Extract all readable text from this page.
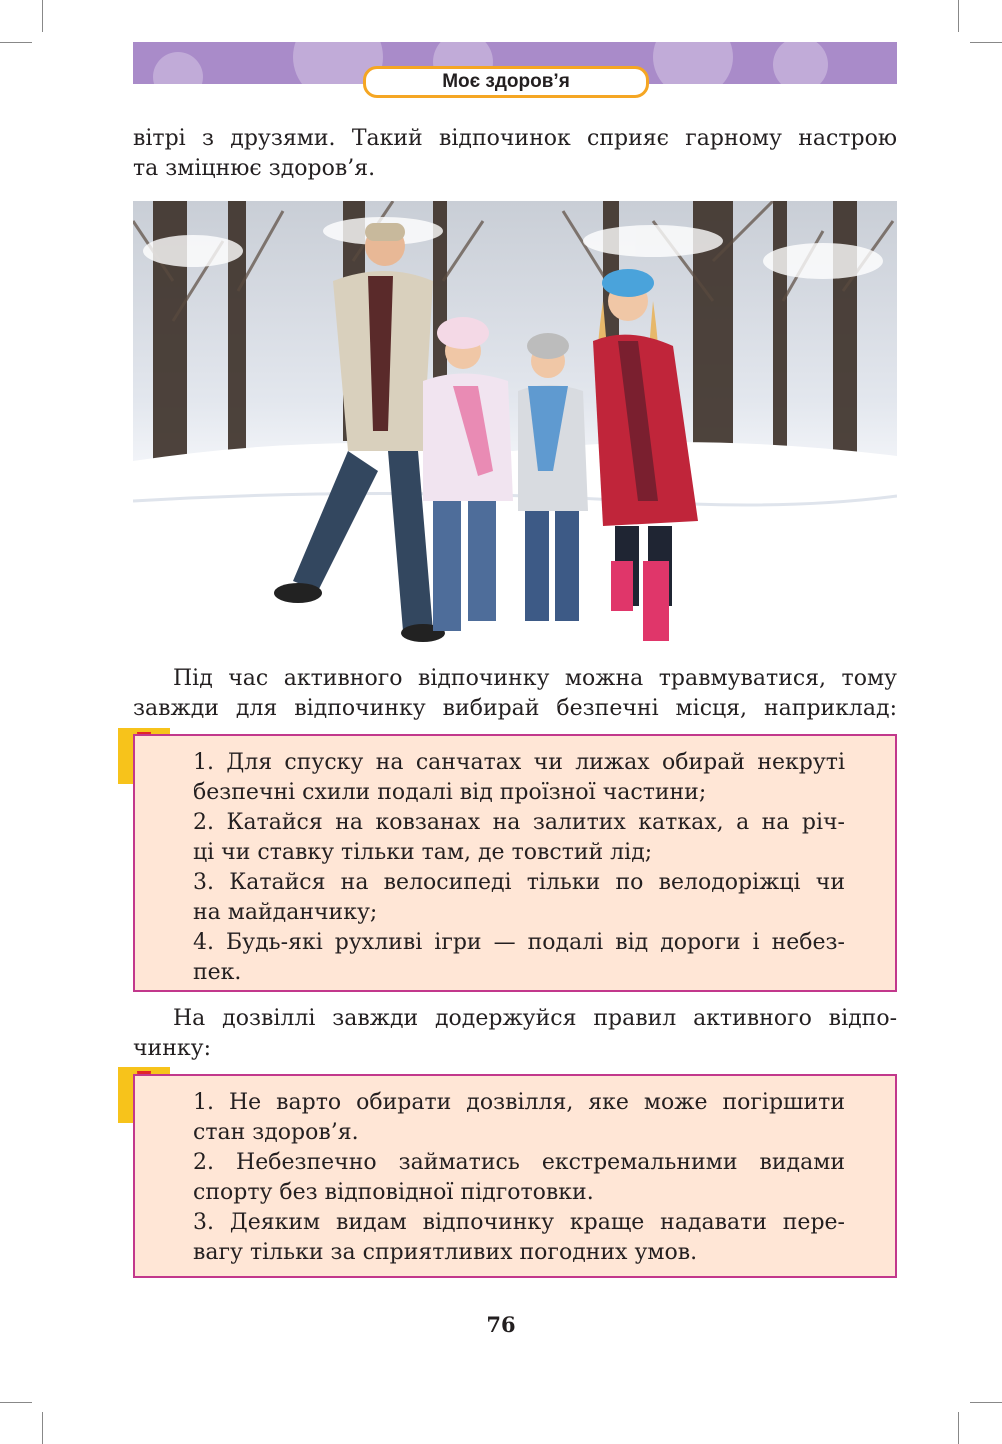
Моє здоров’я
вітрі з друзями. Такий відпочинок сприяє гарному настрою
та зміцнює здоров’я.
Під час активного відпочинку можна травмуватися, тому
завжди для відпочинку вибирай безпечні місця, наприклад:
1. Для спуску на санчатах чи лижах обирай некруті
безпечні схили подалі від проїзної частини;
2. Катайся на ковзанах на залитих катках, а на річ-
ці чи ставку тільки там, де товстий лід;
3. Катайся на велосипеді тільки по велодоріжці чи
на майданчику;
4. Будь-які рухливі ігри — подалі від дороги і небез-
пек.
На дозвіллі завжди додержуйся правил активного відпо-
чинку:
1. Не варто обирати дозвілля, яке може погіршити
стан здоров’я.
2. Небезпечно займатись екстремальними видами
спорту без відповідної підготовки.
3. Деяким видам відпочинку краще надавати пере-
вагу тільки за сприятливих погодних умов.
76
